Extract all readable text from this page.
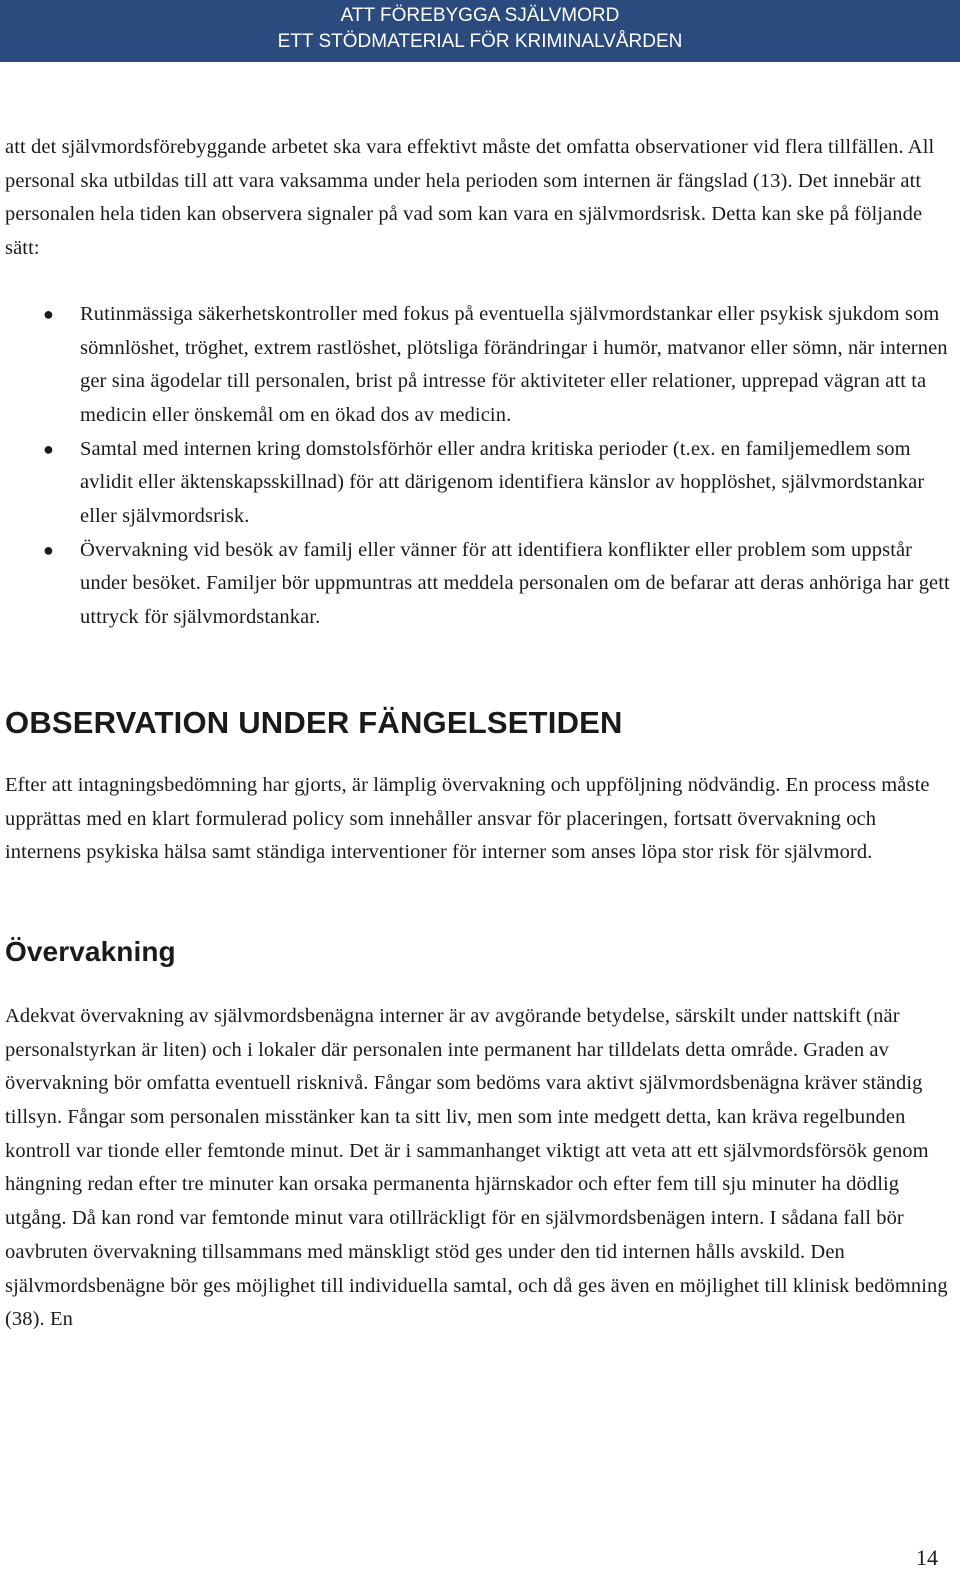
ATT FÖREBYGGA SJÄLVMORD
ETT STÖDMATERIAL FÖR KRIMINALVÅRDEN

att det självmordsförebyggande arbetet ska vara effektivt måste det omfatta observationer vid flera tillfällen. All personal ska utbildas till att vara vaksamma under hela perioden som internen är fängslad (13). Det innebär att personalen hela tiden kan observera signaler på vad som kan vara en självmordsrisk. Detta kan ske på följande sätt:

● Rutinmässiga säkerhetskontroller med fokus på eventuella självmordstankar eller psykisk sjukdom som sömnlöshet, tröghet, extrem rastlöshet, plötsliga förändringar i humör, matvanor eller sömn, när internen ger sina ägodelar till personalen, brist på intresse för aktiviteter eller relationer, upprepad vägran att ta medicin eller önskemål om en ökad dos av medicin.
● Samtal med internen kring domstolsförhör eller andra kritiska perioder (t.ex. en familjemedlem som avlidit eller äktenskapsskillnad) för att därigenom identifiera känslor av hopplöshet, självmordstankar eller självmordsrisk.
● Övervakning vid besök av familj eller vänner för att identifiera konflikter eller problem som uppstår under besöket. Familjer bör uppmuntras att meddela personalen om de befarar att deras anhöriga har gett uttryck för självmordstankar.
OBSERVATION UNDER FÄNGELSETIDEN

Efter att intagningsbedömning har gjorts, är lämplig övervakning och uppföljning nödvändig. En process måste upprättas med en klart formulerad policy som innehåller ansvar för placeringen, fortsatt övervakning och internens psykiska hälsa samt ständiga interventioner för interner som anses löpa stor risk för självmord.

Övervakning

Adekvat övervakning av självmordsbenägna interner är av avgörande betydelse, särskilt under nattskift (när personalstyrkan är liten) och i lokaler där personalen inte permanent har tilldelats detta område. Graden av övervakning bör omfatta eventuell risknivå. Fångar som bedöms vara aktivt självmordsbenägna kräver ständig tillsyn. Fångar som personalen misstänker kan ta sitt liv, men som inte medgett detta, kan kräva regelbunden kontroll var tionde eller femtonde minut. Det är i sammanhanget viktigt att veta att ett självmordsförsök genom hängning redan efter tre minuter kan orsaka permanenta hjärnskador och efter fem till sju minuter ha dödlig utgång. Då kan rond var femtonde minut vara otillräckligt för en självmordsbenägen intern. I sådana fall bör oavbruten övervakning tillsammans med mänskligt stöd ges under den tid internen hålls avskild. Den självmordsbenägne bör ges möjlighet till individuella samtal, och då ges även en möjlighet till klinisk bedömning (38). En

14
